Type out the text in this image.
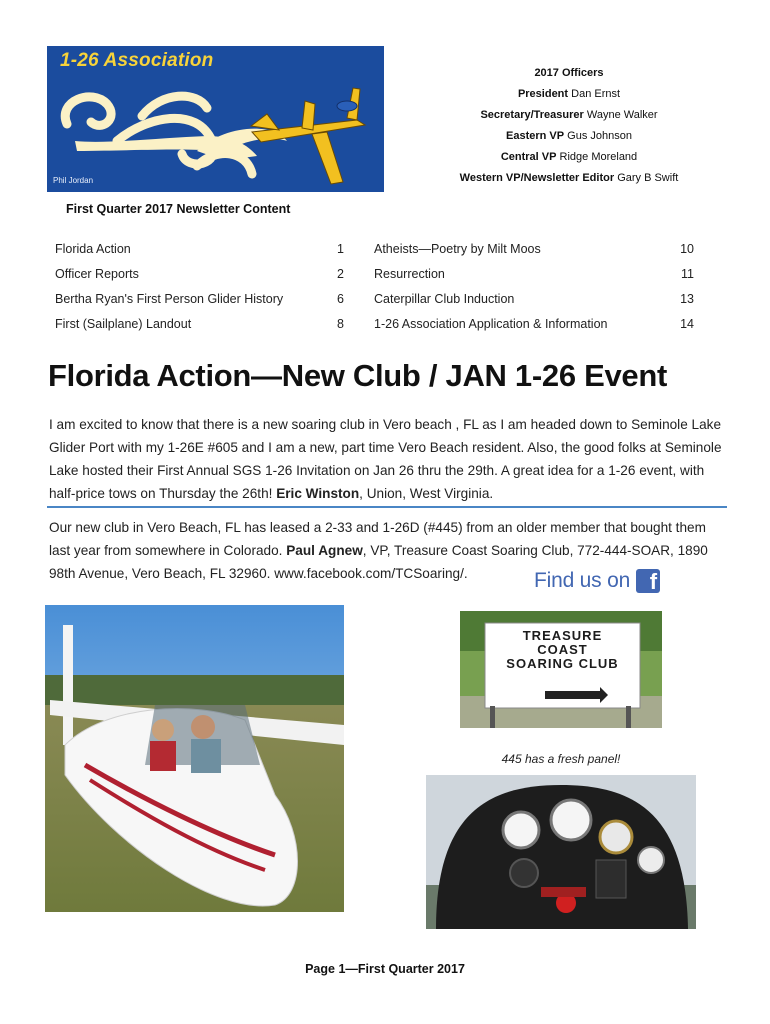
1-26 Association
Phil Jordan
2017 Officers
President Dan Ernst
Secretary/Treasurer Wayne Walker
Eastern VP Gus Johnson
Central VP Ridge Moreland
Western VP/Newsletter Editor Gary B Swift
First Quarter 2017 Newsletter Content
Florida Action	1
Officer Reports	2
Bertha Ryan's First Person Glider History	6
First (Sailplane) Landout	8
Atheists—Poetry by Milt Moos	10
Resurrection	11
Caterpillar Club Induction	13
1-26 Association Application & Information	14
Florida Action—New Club / JAN 1-26 Event
I am excited to know that there is a new soaring club in Vero beach , FL as I am headed down to Seminole Lake Glider Port with my 1-26E #605 and I am a new, part time Vero Beach resident. Also, the good folks at Seminole Lake hosted their First Annual SGS 1-26 Invitation on Jan 26 thru the 29th. A great idea for a 1-26 event, with half-price tows on Thursday the 26th! Eric Winston, Union, West Virginia.
Our new club in Vero Beach, FL has leased a 2-33 and 1-26D (#445) from an older member that bought them last year from somewhere in Colorado. Paul Agnew, VP, Treasure Coast Soaring Club, 772-444-SOAR, 1890 98th Avenue, Vero Beach, FL 32960. www.facebook.com/TCSoaring/.	Find us on f
TREASURE
COAST
SOARING CLUB
445 has a fresh panel!
Page 1—First Quarter 2017
